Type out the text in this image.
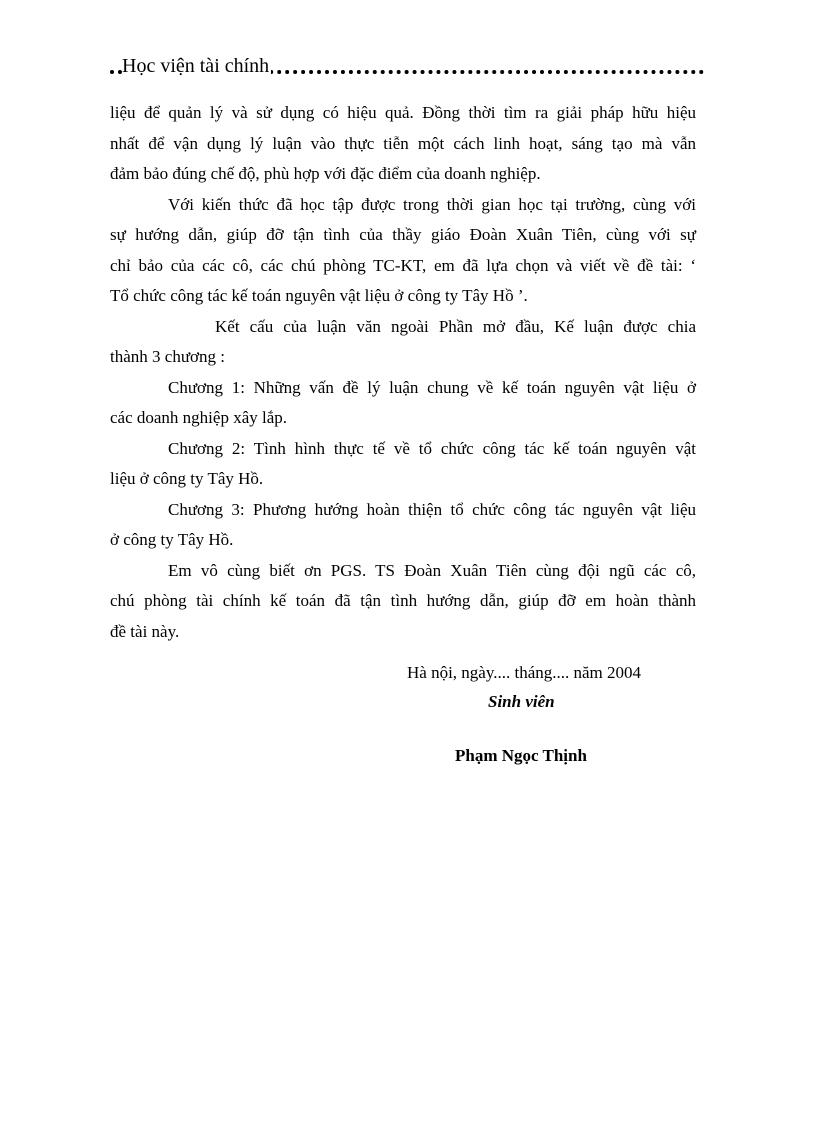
Học viện tài chính

liệu để quản lý và sử dụng có hiệu quả. Đồng thời tìm ra giải pháp hữu hiệu
nhất để vận dụng lý luận vào thực tiễn một cách linh hoạt, sáng tạo mà vẫn
đảm bảo đúng chế độ, phù hợp với đặc điểm của doanh nghiệp.

Với kiến thức đã học tập được trong thời gian học tại trường, cùng với
sự hướng dẫn, giúp đỡ tận tình của thầy giáo Đoàn Xuân Tiên, cùng với sự
chỉ bảo của các cô, các chú phòng TC-KT, em đã lựa chọn và viết về đề tài: ‘
Tổ chức công tác kế toán nguyên vật liệu ở công ty Tây Hồ ’.

Kết cấu của luận văn ngoài Phần mở đầu, Kế luận được chia
thành 3 chương :

Chương 1: Những vấn đề lý luận chung về kế toán nguyên vật liệu ở
các doanh nghiệp xây lắp.

Chương 2: Tình hình thực tế về tổ chức công tác kế toán nguyên vật
liệu ở công ty Tây Hồ.

Chương 3: Phương hướng hoàn thiện tổ chức công tác nguyên vật liệu
ở công ty Tây Hồ.

Em vô cùng biết ơn PGS. TS Đoàn Xuân Tiên cùng đội ngũ các cô,
chú phòng tài chính kế toán đã tận tình hướng dẫn, giúp đỡ em hoàn thành
đề tài này.

Hà nội, ngày.... tháng.... năm 2004
Sinh viên
Phạm Ngọc Thịnh
